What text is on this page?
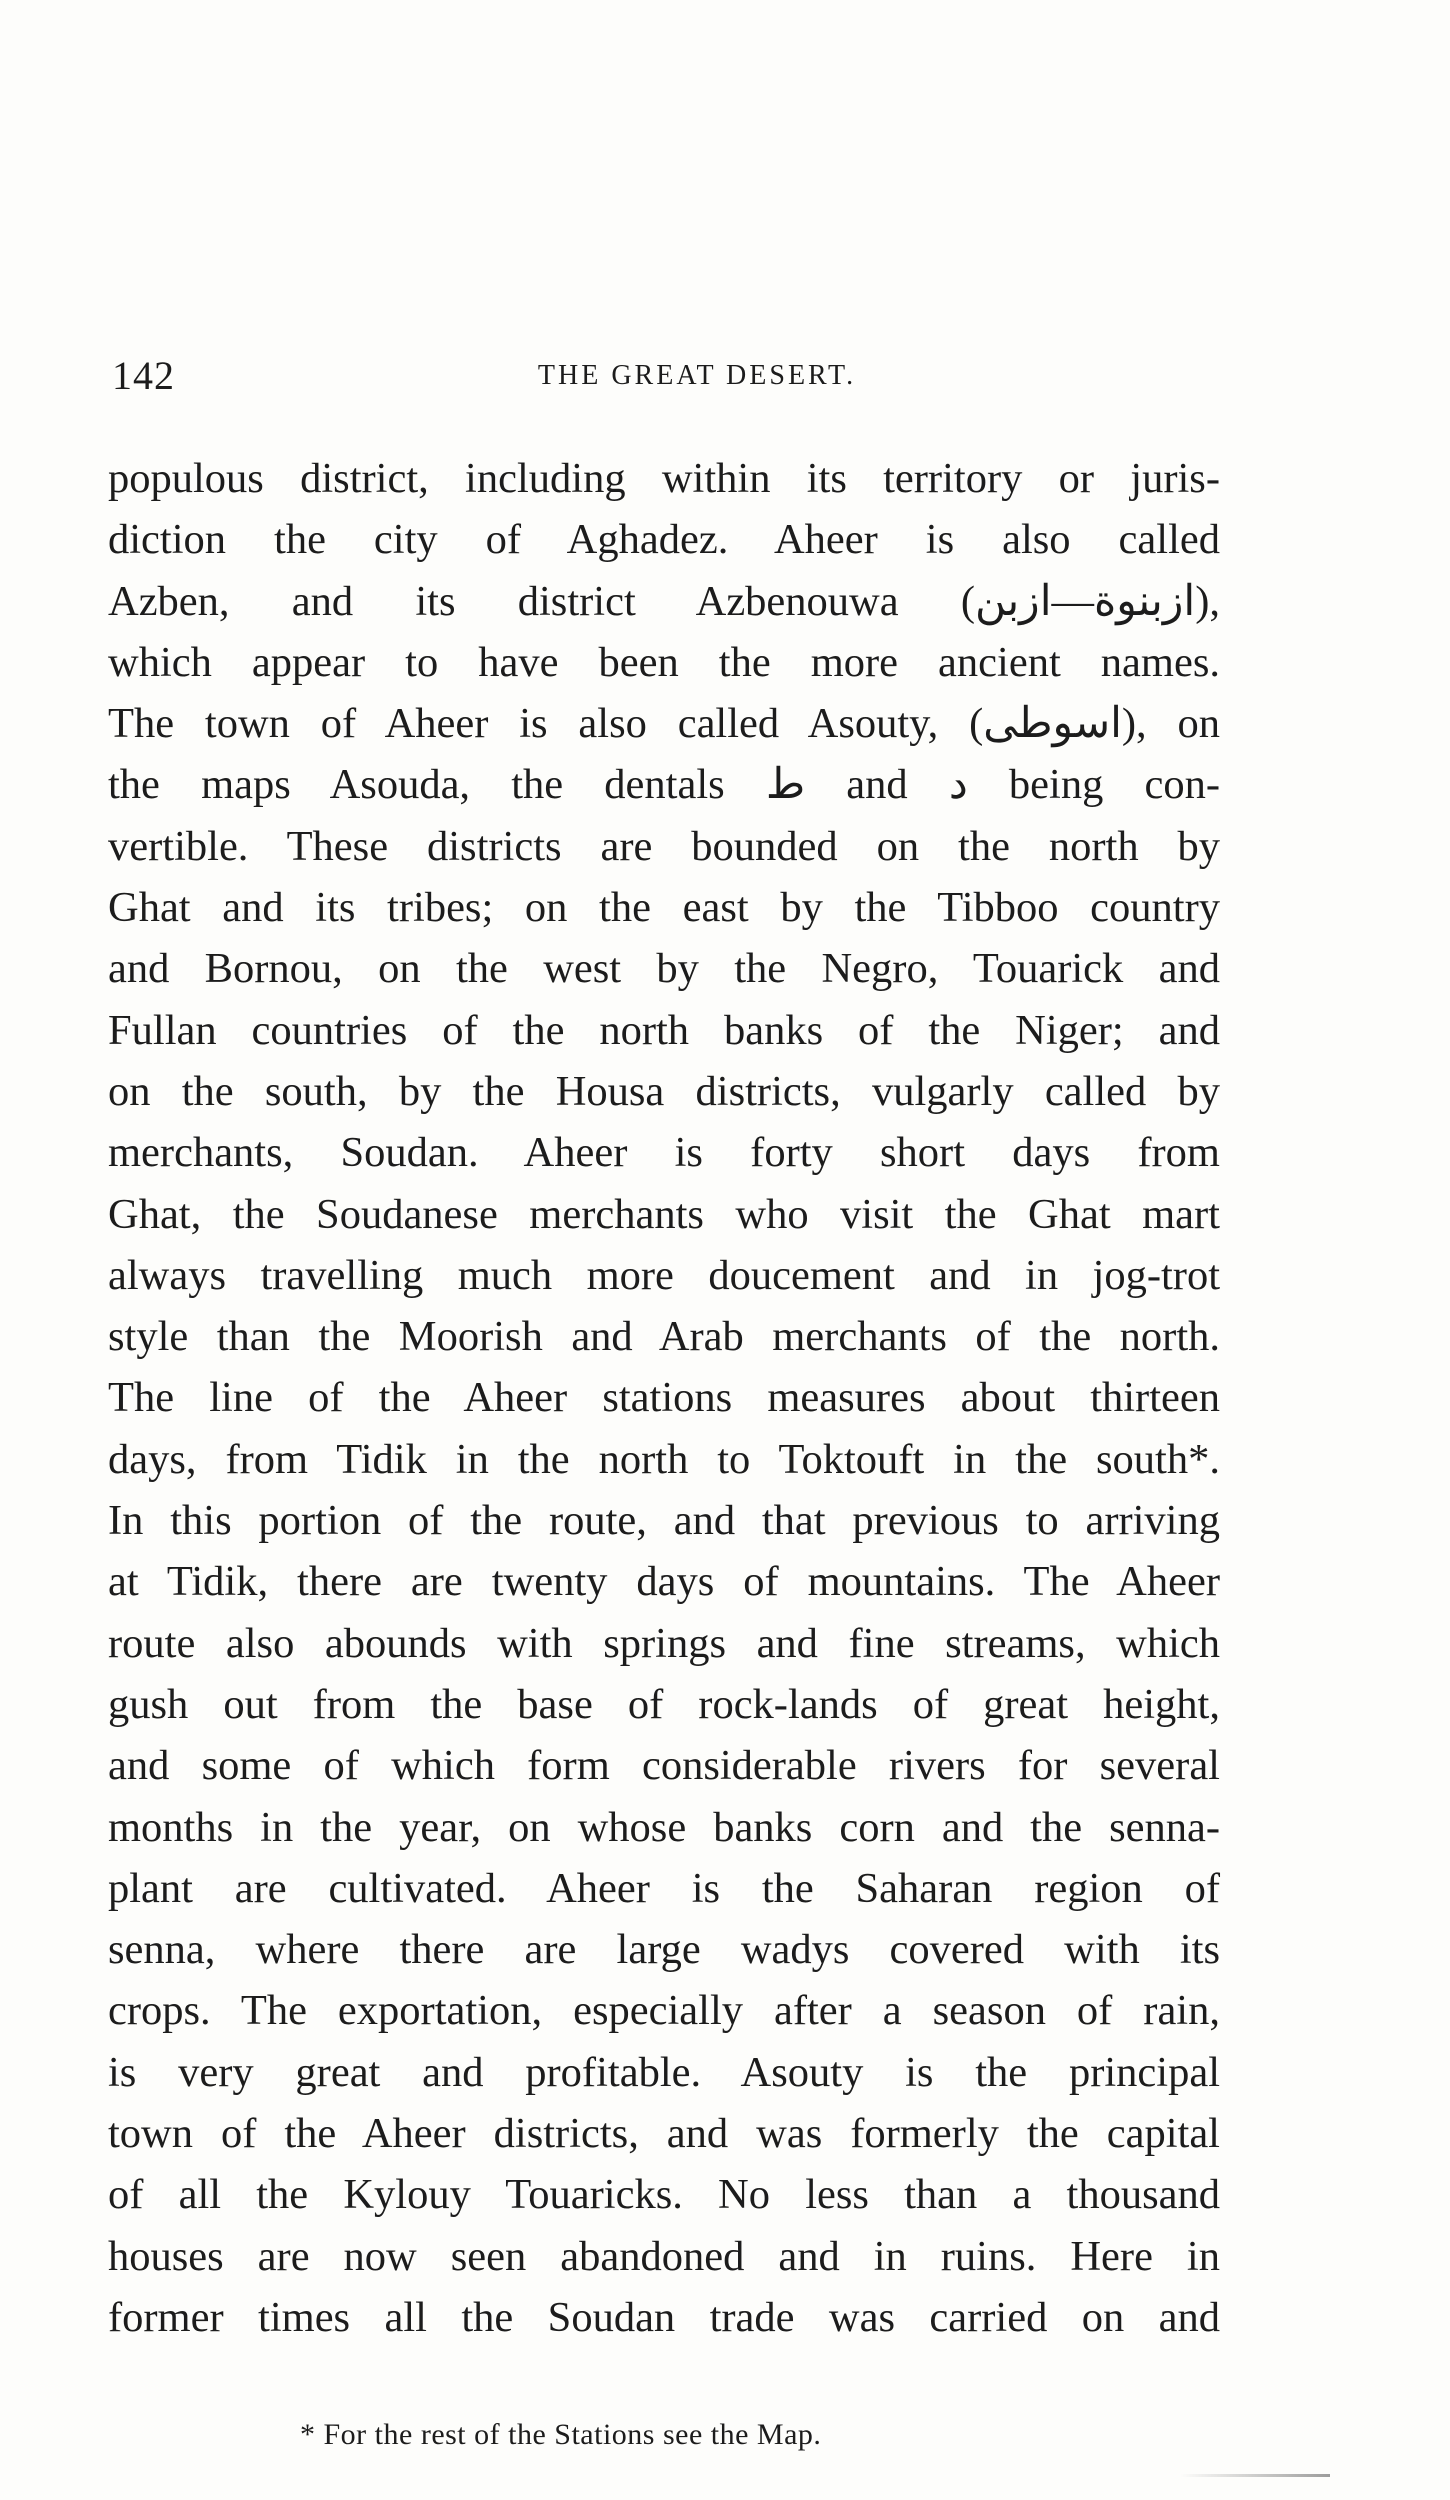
142	THE GREAT DESERT.
populous district, including within its territory or juris-
diction the city of Aghadez. Aheer is also called
Azben, and its district Azbenouwa (ازبنوة—ازبن),
which appear to have been the more ancient names.
The town of Aheer is also called Asouty, (اسوطى), on
the maps Asouda, the dentals ط and د being con-
vertible. These districts are bounded on the north by
Ghat and its tribes; on the east by the Tibboo country
and Bornou, on the west by the Negro, Touarick and
Fullan countries of the north banks of the Niger; and
on the south, by the Housa districts, vulgarly called by
merchants, Soudan. Aheer is forty short days from
Ghat, the Soudanese merchants who visit the Ghat mart
always travelling much more doucement and in jog-trot
style than the Moorish and Arab merchants of the north.
The line of the Aheer stations measures about thirteen
days, from Tidik in the north to Toktouft in the south*.
In this portion of the route, and that previous to arriving
at Tidik, there are twenty days of mountains. The Aheer
route also abounds with springs and fine streams, which
gush out from the base of rock-lands of great height,
and some of which form considerable rivers for several
months in the year, on whose banks corn and the senna-
plant are cultivated. Aheer is the Saharan region of
senna, where there are large wadys covered with its
crops. The exportation, especially after a season of rain,
is very great and profitable. Asouty is the principal
town of the Aheer districts, and was formerly the capital
of all the Kylouy Touaricks. No less than a thousand
houses are now seen abandoned and in ruins. Here in
former times all the Soudan trade was carried on and
* For the rest of the Stations see the Map.
